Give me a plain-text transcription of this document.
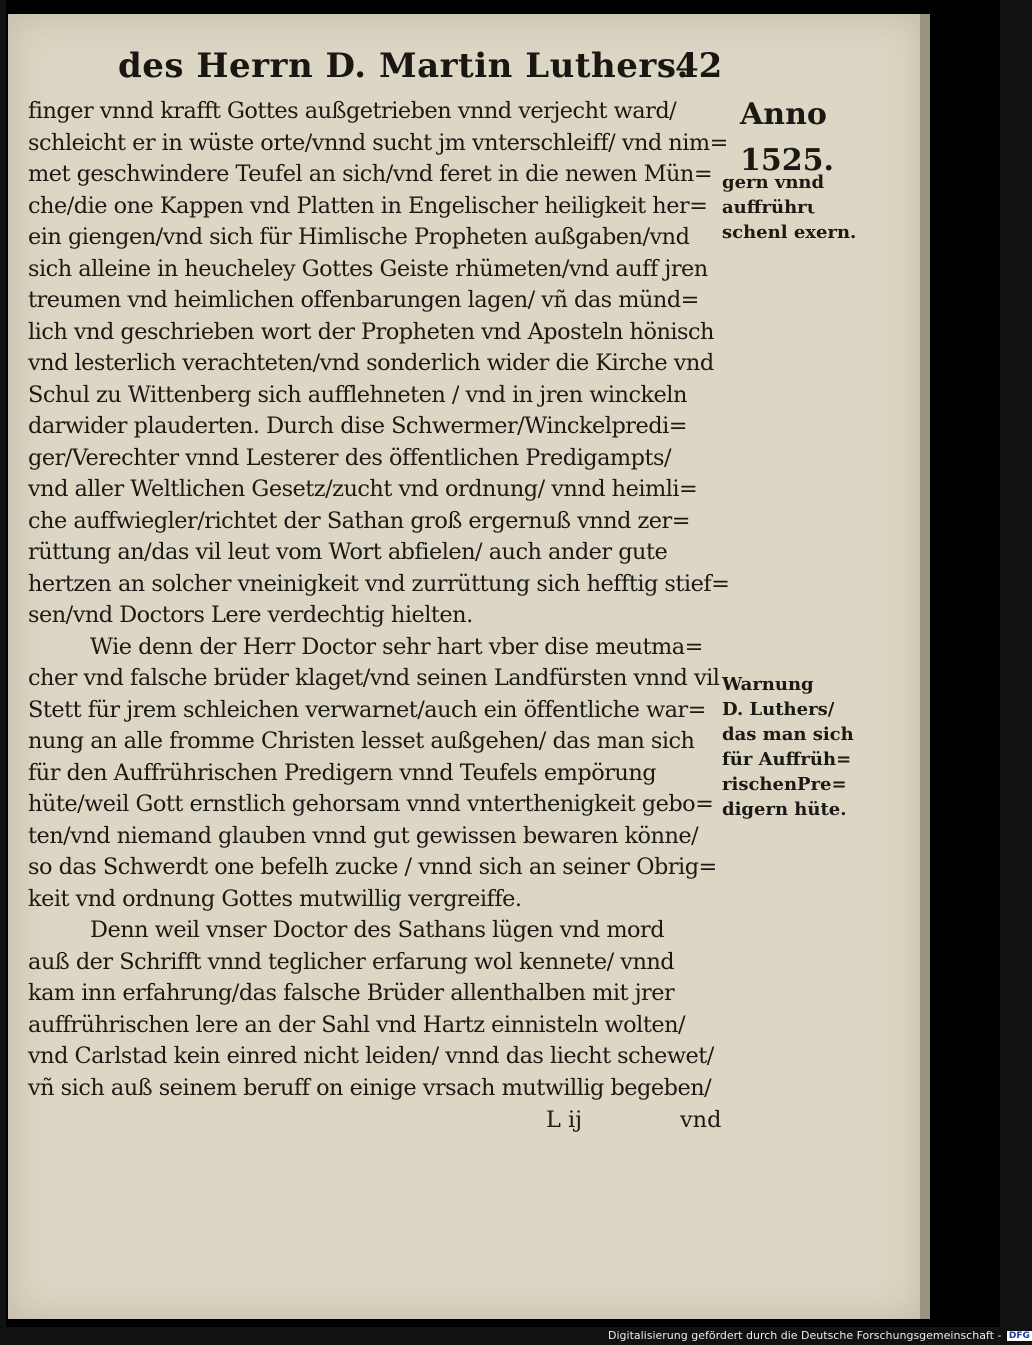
des Herrn D. Martin Luthers.
42
finger vnnd krafft Gottes außgetrieben vnnd verjecht ward/
schleicht er in wüste orte/vnnd sucht jm vnterschleiff/ vnd nim=
met geschwindere Teufel an sich/vnd feret in die newen Mün=
che/die one Kappen vnd Platten in Engelischer heiligkeit her=
ein giengen/vnd sich für Himlische Propheten außgaben/vnd
sich alleine in heucheley Gottes Geiste rhümeten/vnd auff jren
treumen vnd heimlichen offenbarungen lagen/ vñ das münd=
lich vnd geschrieben wort der Propheten vnd Aposteln hönisch
vnd lesterlich verachteten/vnd sonderlich wider die Kirche vnd
Schul zu Wittenberg sich aufflehneten / vnd in jren winckeln
darwider plauderten. Durch dise Schwermer/Winckelpredi=
ger/Verechter vnnd Lesterer des öffentlichen Predigampts/
vnd aller Weltlichen Gesetz/zucht vnd ordnung/ vnnd heimli=
che auffwiegler/richtet der Sathan groß ergernuß vnnd zer=
rüttung an/das vil leut vom Wort abfielen/ auch ander gute
hertzen an solcher vneinigkeit vnd zurrüttung sich hefftig stief=
sen/vnd Doctors Lere verdechtig hielten.
Wie denn der Herr Doctor sehr hart vber dise meutma=
cher vnd falsche brüder klaget/vnd seinen Landfürsten vnnd vil
Stett für jrem schleichen verwarnet/auch ein öffentliche war=
nung an alle fromme Christen lesset außgehen/ das man sich
für den Auffrührischen Predigern vnnd Teufels empörung
hüte/weil Gott ernstlich gehorsam vnnd vnterthenigkeit gebo=
ten/vnd niemand glauben vnnd gut gewissen bewaren könne/
so das Schwerdt one befelh zucke / vnnd sich an seiner Obrig=
keit vnd ordnung Gottes mutwillig vergreiffe.
Denn weil vnser Doctor des Sathans lügen vnd mord
auß der Schrifft vnnd teglicher erfarung wol kennete/ vnnd
kam inn erfahrung/das falsche Brüder allenthalben mit jrer
auffrührischen lere an der Sahl vnd Hartz einnisteln wolten/
vnd Carlstad kein einred nicht leiden/ vnnd das liecht schewet/
vñ sich auß seinem beruff on einige vrsach mutwillig begeben/
L ij	vnd
Anno
1525.
gern vnnd
auffrührι
schenl exern.
Warnung
D. Luthers/
das man sich
für Auffrüh=
rischenPre=
digern hüte.
Digitalisierung gefördert durch die Deutsche Forschungsgemeinschaft - DFG
